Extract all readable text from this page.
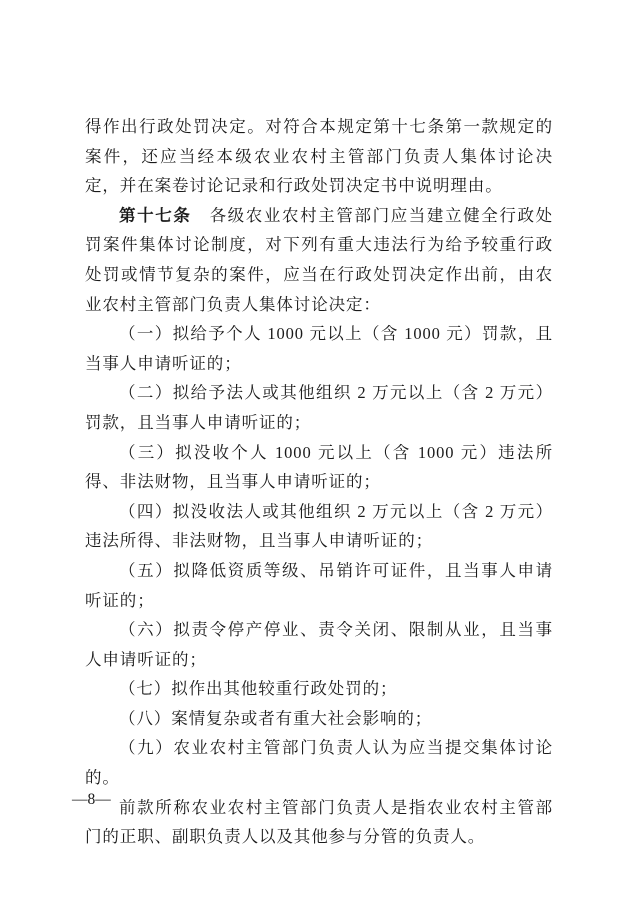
得作出行政处罚决定。对符合本规定第十七条第一款规定的案件，还应当经本级农业农村主管部门负责人集体讨论决定，并在案卷讨论记录和行政处罚决定书中说明理由。

第十七条　各级农业农村主管部门应当建立健全行政处罚案件集体讨论制度，对下列有重大违法行为给予较重行政处罚或情节复杂的案件，应当在行政处罚决定作出前，由农业农村主管部门负责人集体讨论决定：

（一）拟给予个人 1000 元以上（含 1000 元）罚款，且当事人申请听证的；

（二）拟给予法人或其他组织 2 万元以上（含 2 万元）罚款，且当事人申请听证的；

（三）拟没收个人 1000 元以上（含 1000 元）违法所得、非法财物，且当事人申请听证的；

（四）拟没收法人或其他组织 2 万元以上（含 2 万元）违法所得、非法财物，且当事人申请听证的；

（五）拟降低资质等级、吊销许可证件，且当事人申请听证的；

（六）拟责令停产停业、责令关闭、限制从业，且当事人申请听证的；

（七）拟作出其他较重行政处罚的；

（八）案情复杂或者有重大社会影响的；

（九）农业农村主管部门负责人认为应当提交集体讨论的。

前款所称农业农村主管部门负责人是指农业农村主管部门的正职、副职负责人以及其他参与分管的负责人。

—8—
